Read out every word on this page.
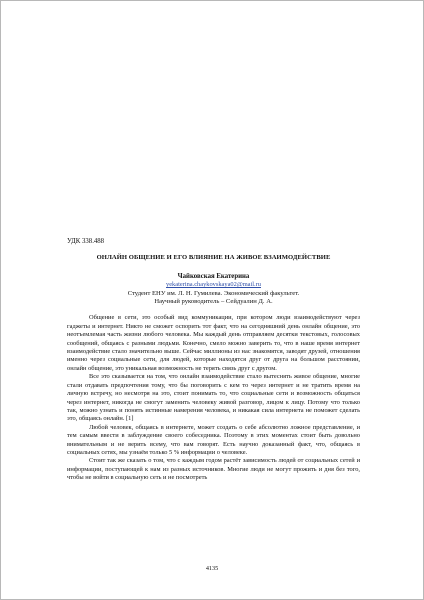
УДК 338.488

ОНЛАЙН ОБЩЕНИЕ И ЕГО ВЛИЯНИЕ НА ЖИВОЕ ВЗАИМОДЕЙСТВИЕ

Чайковская Екатерина

yekaterina.chaykovskaya02@mail.ru

Студент ЕНУ им. Л. Н. Гумилева. Экономический факультет.

Научный руководитель – Сейдуалин Д. А.

Общение в сети, это особый вид коммуникации, при котором люди взаимодействуют через гаджеты и интернет. Никто не сможет оспорить тот факт, что на сегодняшний день онлайн общение, это неотъемлемая часть жизни любого человека. Мы каждый день отправляем десятки текстовых, голосовых сообщений, общаясь с разными людьми. Конечно, смело можно заверить то, что в наше время интернет взаимодействие стало значительно выше. Сейчас миллионы из нас знакомятся, заводят друзей, отношения именно через социальные сети, для людей, которые находятся друг от друга на большом расстоянии, онлайн общение, это уникальная возможность не терять связь друг с другом.

Все это сказывается на том, что онлайн взаимодействие стало вытеснять живое общение, многие стали отдавать предпочтения тому, что бы поговорить с кем то через интернет и не тратить время на личную встречу, но несмотря на это, стоит понимать то, что социальные сети и возможность общаться через интернет, никогда не смогут заменить человеку живой разговор, лицом к лицу. Потому что только так, можно узнать и понять истинные намерения человека, и никакая сила интернета не поможет сделать это, общаясь онлайн. [1]

Любой человек, общаясь в интернете, может создать о себе абсолютно ложное представление, и тем самым ввести в заблуждение своего собеседника. Поэтому в этих моментах стоит быть довольно внимательным и не верить всему, что вам говорят. Есть научно доказанный факт, что, общаясь в социальных сетях, мы узнаём только 5 % информации о человеке.

Стоит так же сказать о том, что с каждым годом растёт зависимость людей от социальных сетей и информации, поступающей к нам из разных источников. Многие люди не могут прожить и дня без того, чтобы не войти в социальную сеть и не посмотреть

4135
